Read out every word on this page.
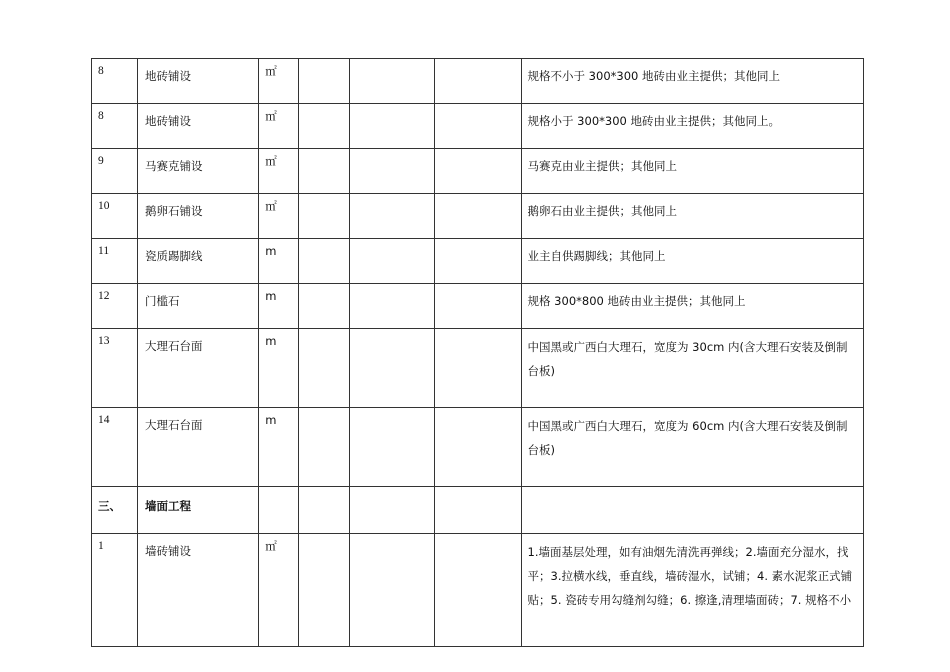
8	地砖铺设	㎡				规格不小于 300*300 地砖由业主提供；其他同上
8	地砖铺设	㎡				规格小于 300*300 地砖由业主提供；其他同上。
9	马赛克铺设	㎡				马赛克由业主提供；其他同上
10	鹅卵石铺设	㎡				鹅卵石由业主提供；其他同上
11	瓷质踢脚线	m				业主自供踢脚线；其他同上
12	门槛石	m				规格 300*800 地砖由业主提供；其他同上
13	大理石台面	m				中国黑或广西白大理石，宽度为 30cm 内(含大理石安装及倒制台板)
14	大理石台面	m				中国黑或广西白大理石，宽度为 60cm 内(含大理石安装及倒制台板)
三、	墙面工程					
1	墙砖铺设	㎡				1.墙面基层处理，如有油烟先清洗再弹线；2.墙面充分湿水，找平；3.拉横水线，垂直线，墙砖湿水，试铺；4. 素水泥浆正式铺贴；5. 瓷砖专用勾缝剂勾缝；6. 擦逢,清理墙面砖；7. 规格不小
